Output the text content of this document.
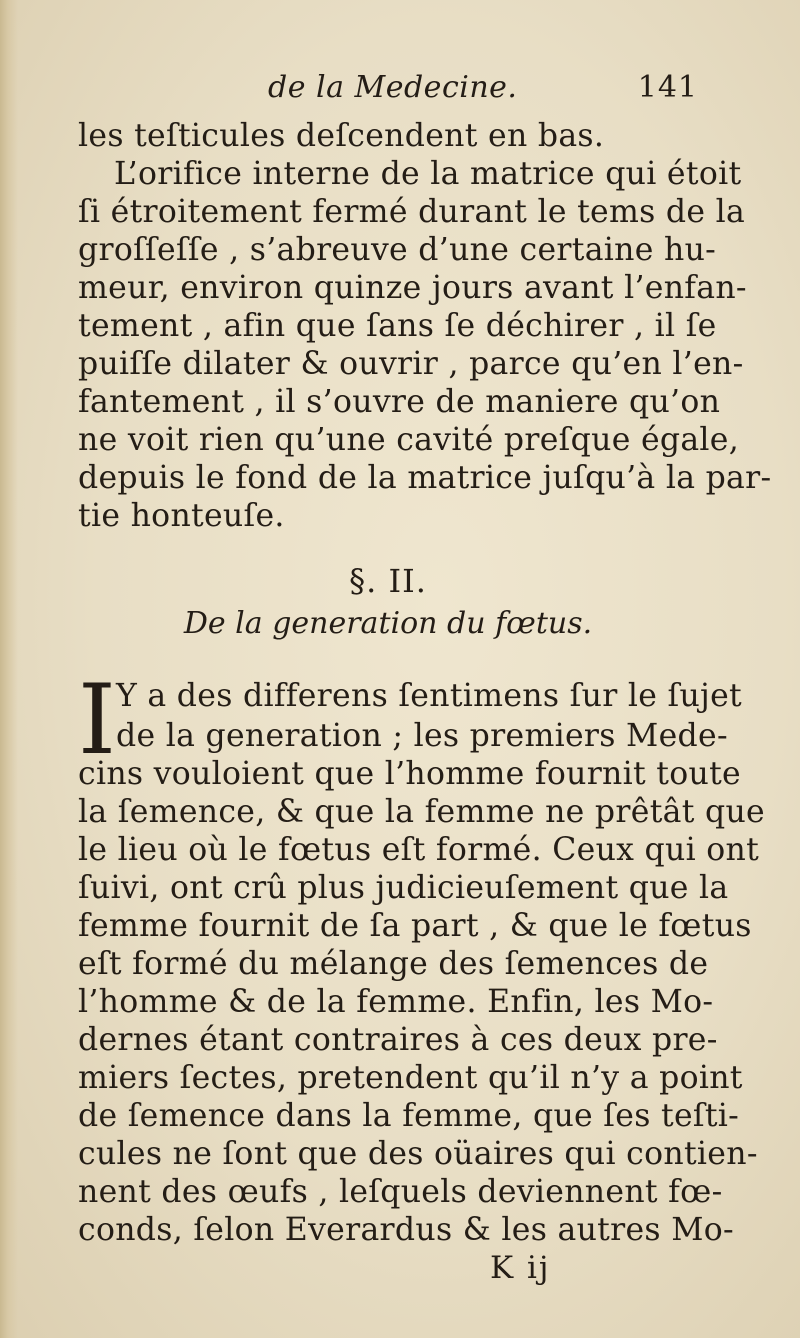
de la Medecine.	141
les teſticules deſcendent en bas.
L’orifice interne de la matrice qui étoit
ſi étroitement fermé durant le tems de la
groſſeſſe , s’abreuve d’une certaine hu-
meur, environ quinze jours avant l’enfan-
tement , afin que ſans ſe déchirer , il ſe
puiſſe dilater & ouvrir , parce qu’en l’en-
fantement , il s’ouvre de maniere qu’on
ne voit rien qu’une cavité preſque égale,
depuis le fond de la matrice juſqu’à la par-
tie honteuſe.
§. II.
De la generation du fœtus.
I Y a des differens ſentimens ſur le ſujet
de la generation ; les premiers Mede-
cins vouloient que l’homme fournit toute
la ſemence, & que la femme ne prêtât que
le lieu où le fœtus eſt formé. Ceux qui ont
ſuivi, ont crû plus judicieuſement que la
femme fournit de ſa part , & que le fœtus
eſt formé du mélange des ſemences de
l’homme & de la femme. Enfin, les Mo-
dernes étant contraires à ces deux pre-
miers ſectes, pretendent qu’il n’y a point
de ſemence dans la femme, que ſes teſti-
cules ne ſont que des oüaires qui contien-
nent des œufs , leſquels deviennent fœ-
conds, ſelon Everardus & les autres Mo-
K ij
